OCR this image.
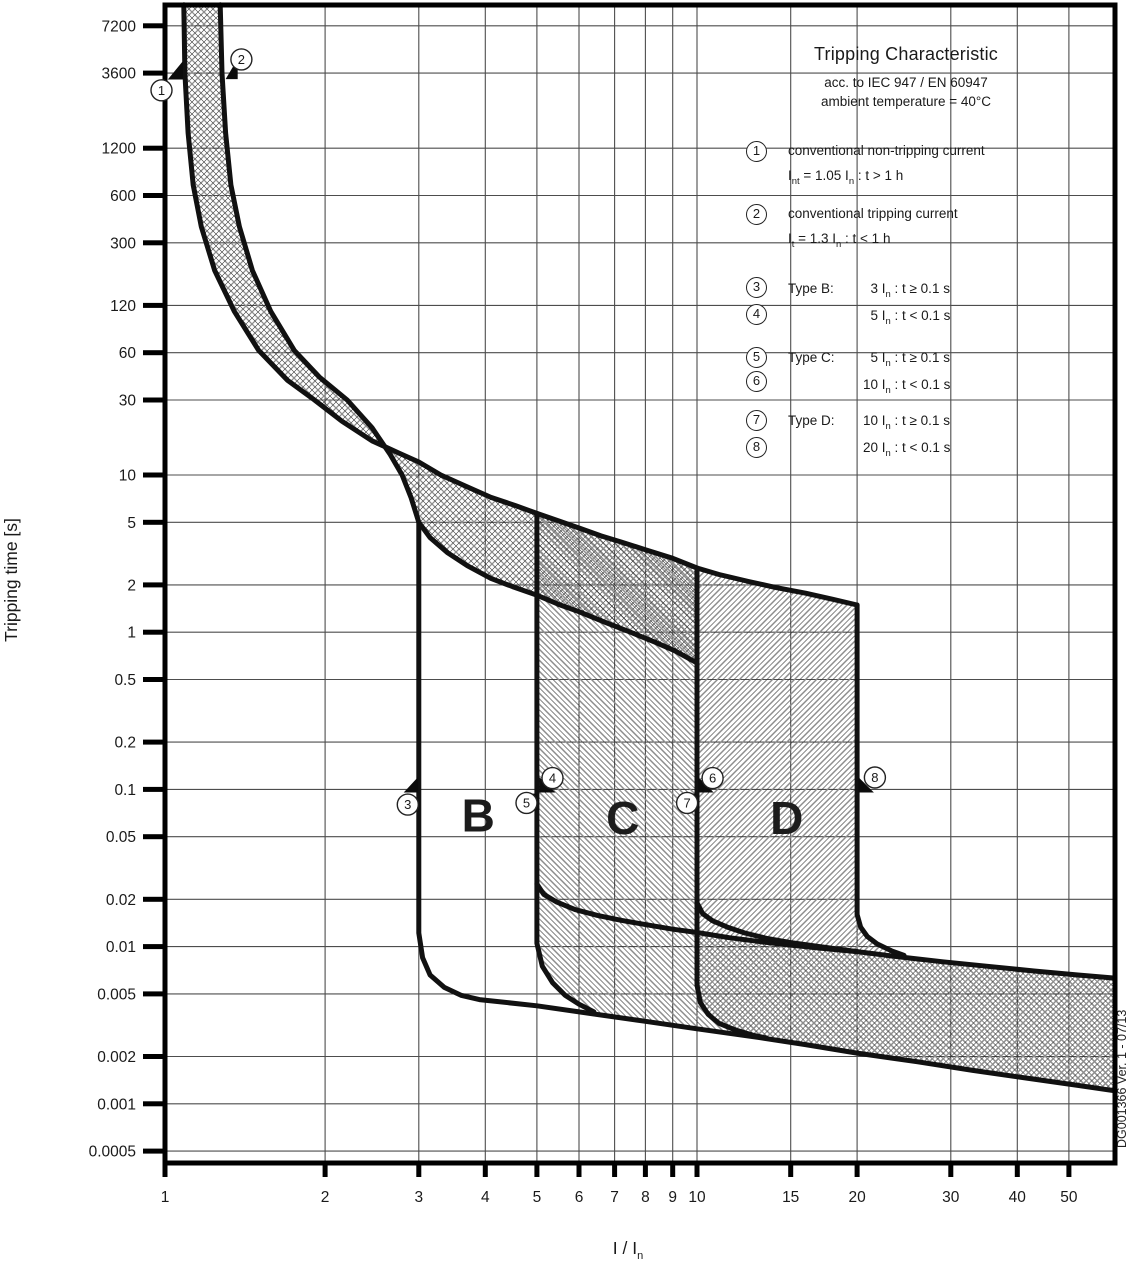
1	2	3	4	5 6 7 8 9 10	15	20	30	40 50
7200
3600
1200
600
300
120
60
30
10
5
2
1
0.5
0.2
0.1
0.05
0.02
0.01
0.005
0.002
0.001
0.0005
B C	D
1
2
3
4
5
6
7
8
Tripping time [s]
I / $I_n$
DG001366 Ver. 1 - 07/13
Tripping Characteristic
acc. to IEC 947 / EN 60947
ambient temperature = 40°C
1	conventional non-tripping current
$I_{nt} = 1.05$ $I_n$ : t > 1 h
2	conventional tripping current
$I_t = 1.3$ $I_n$ : t < 1 h
3
4
Type B:	3 $I_n$ : t ≥ 0.1 s
5 $I_n$ : t < 0.1 s
5
6
Type C:	5 $I_n$ : t ≥ 0.1 s
10 $I_n$ : t < 0.1 s
7
8
Type D:	10 $I_n$ : t ≥ 0.1 s
20 $I_n$ : t < 0.1 s
